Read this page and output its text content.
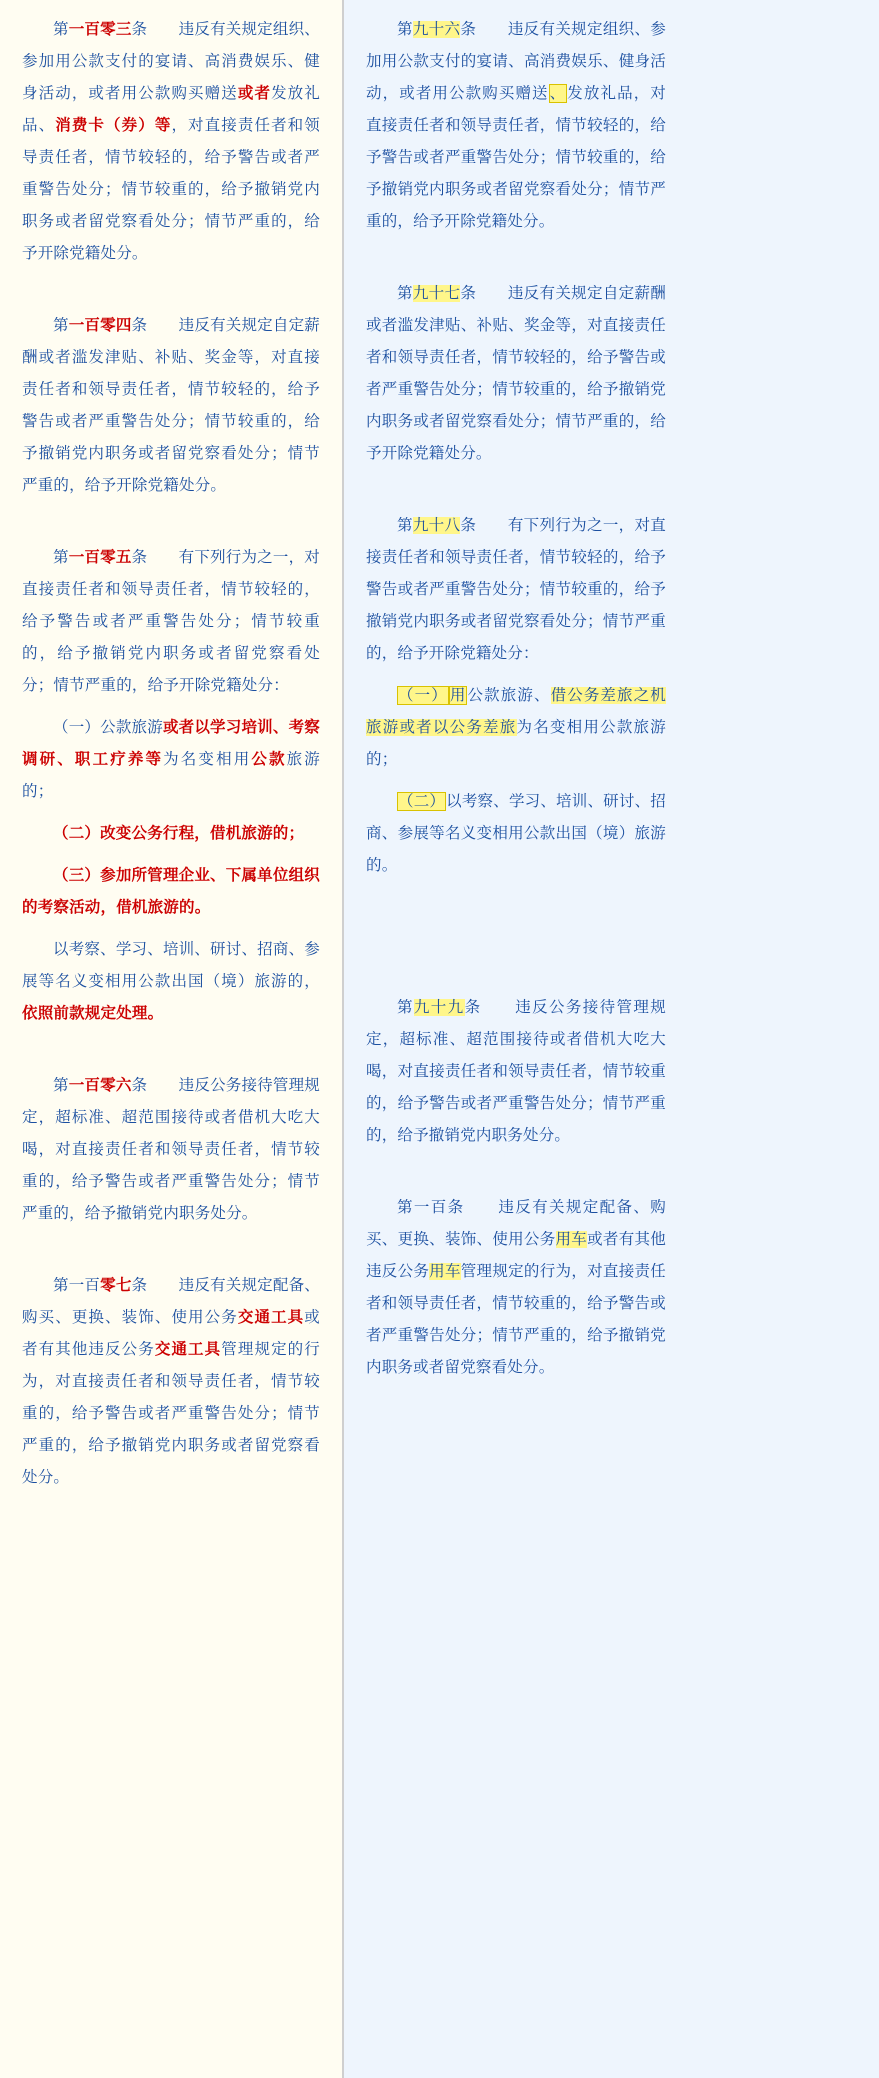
第一百零三条　　违反有关规定组织、参加用公款支付的宴请、高消费娱乐、健身活动，或者用公款购买赠送或者发放礼品、消费卡（券）等，对直接责任者和领导责任者，情节较轻的，给予警告或者严重警告处分；情节较重的，给予撤销党内职务或者留党察看处分；情节严重的，给予开除党籍处分。
第一百零四条　　违反有关规定自定薪酬或者滥发津贴、补贴、奖金等，对直接责任者和领导责任者，情节较轻的，给予警告或者严重警告处分；情节较重的，给予撤销党内职务或者留党察看处分；情节严重的，给予开除党籍处分。
第一百零五条　　有下列行为之一，对直接责任者和领导责任者，情节较轻的，给予警告或者严重警告处分；情节较重的，给予撤销党内职务或者留党察看处分；情节严重的，给予开除党籍处分：
（一）公款旅游或者以学习培训、考察调研、职工疗养等为名变相用公款旅游的；
（二）改变公务行程，借机旅游的；
（三）参加所管理企业、下属单位组织的考察活动，借机旅游的。
以考察、学习、培训、研讨、招商、参展等名义变相用公款出国（境）旅游的，依照前款规定处理。
第一百零六条　　违反公务接待管理规定，超标准、超范围接待或者借机大吃大喝，对直接责任者和领导责任者，情节较重的，给予警告或者严重警告处分；情节严重的，给予撤销党内职务处分。
第一百零七条　　违反有关规定配备、购买、更换、装饰、使用公务交通工具或者有其他违反公务交通工具管理规定的行为，对直接责任者和领导责任者，情节较重的，给予警告或者严重警告处分；情节严重的，给予撤销党内职务或者留党察看处分。
第九十六条　　违反有关规定组织、参加用公款支付的宴请、高消费娱乐、健身活动，或者用公款购买赠送、发放礼品，对直接责任者和领导责任者，情节较轻的，给予警告或者严重警告处分；情节较重的，给予撤销党内职务或者留党察看处分；情节严重的，给予开除党籍处分。
第九十七条　　违反有关规定自定薪酬或者滥发津贴、补贴、奖金等，对直接责任者和领导责任者，情节较轻的，给予警告或者严重警告处分；情节较重的，给予撤销党内职务或者留党察看处分；情节严重的，给予开除党籍处分。
第九十八条　　有下列行为之一，对直接责任者和领导责任者，情节较轻的，给予警告或者严重警告处分；情节较重的，给予撤销党内职务或者留党察看处分；情节严重的，给予开除党籍处分：
（一） 用公款旅游、借公务差旅之机旅游或者以公务差旅为名变相用公款旅游的；
（二）以考察、学习、培训、研讨、招商、参展等名义变相用公款出国（境）旅游的。
第九十九条　　违反公务接待管理规定，超标准、超范围接待或者借机大吃大喝，对直接责任者和领导责任者，情节较重的，给予警告或者严重警告处分；情节严重的，给予撤销党内职务处分。
第一百条　　违反有关规定配备、购买、更换、装饰、使用公务用车或者有其他违反公务用车管理规定的行为，对直接责任者和领导责任者，情节较重的，给予警告或者严重警告处分；情节严重的，给予撤销党内职务或者留党察看处分。
